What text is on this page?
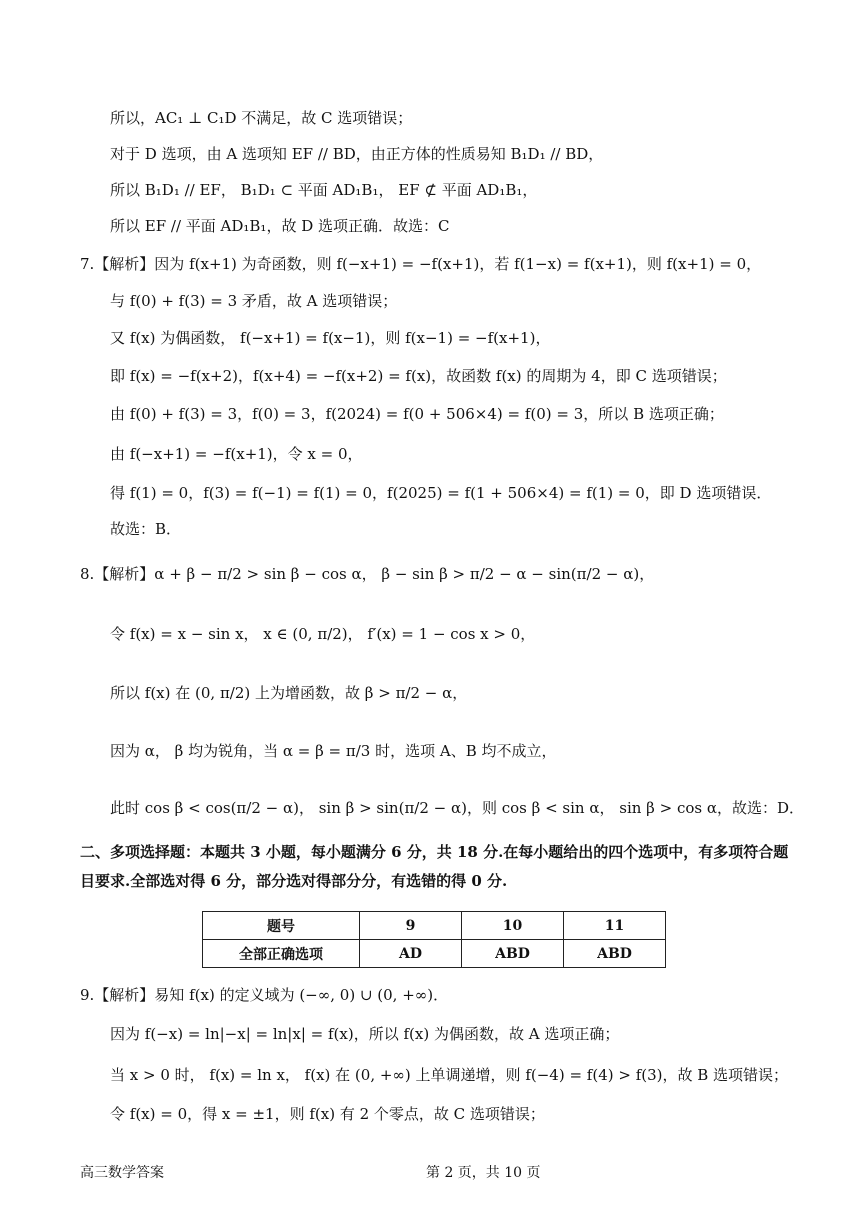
所以，AC₁ ⊥ C₁D 不满足，故 C 选项错误；
对于 D 选项，由 A 选项知 EF // BD，由正方体的性质易知 B₁D₁ // BD，
所以 B₁D₁ // EF， B₁D₁ ⊂ 平面 AD₁B₁， EF ⊄ 平面 AD₁B₁，
所以 EF // 平面 AD₁B₁，故 D 选项正确．故选：C
7.【解析】因为 f(x+1) 为奇函数，则 f(−x+1) = −f(x+1)，若 f(1−x) = f(x+1)，则 f(x+1) = 0，
与 f(0) + f(3) = 3 矛盾，故 A 选项错误；
又 f(x) 为偶函数， f(−x+1) = f(x−1)，则 f(x−1) = −f(x+1)，
即 f(x) = −f(x+2)，f(x+4) = −f(x+2) = f(x)，故函数 f(x) 的周期为 4，即 C 选项错误；
由 f(0) + f(3) = 3，f(0) = 3，f(2024) = f(0 + 506×4) = f(0) = 3，所以 B 选项正确；
由 f(−x+1) = −f(x+1)，令 x = 0，
得 f(1) = 0，f(3) = f(−1) = f(1) = 0，f(2025) = f(1 + 506×4) = f(1) = 0，即 D 选项错误．
故选：B．
8.【解析】α + β − π/2 > sin β − cos α， β − sin β > π/2 − α − sin(π/2 − α)，
令 f(x) = x − sin x， x ∈ (0, π/2)， f′(x) = 1 − cos x > 0，
所以 f(x) 在 (0, π/2) 上为增函数，故 β > π/2 − α，
因为 α， β 均为锐角，当 α = β = π/3 时，选项 A、B 均不成立，
此时 cos β < cos(π/2 − α)， sin β > sin(π/2 − α)，则 cos β < sin α， sin β > cos α，故选：D．
二、多项选择题：本题共 3 小题，每小题满分 6 分，共 18 分.在每小题给出的四个选项中，有多项符合题
目要求.全部选对得 6 分，部分选对得部分分，有选错的得 0 分.
题号	9	10	11
全部正确选项	AD	ABD	ABD
9.【解析】易知 f(x) 的定义域为 (−∞, 0) ∪ (0, +∞)．
因为 f(−x) = ln|−x| = ln|x| = f(x)，所以 f(x) 为偶函数，故 A 选项正确；
当 x > 0 时， f(x) = ln x， f(x) 在 (0, +∞) 上单调递增，则 f(−4) = f(4) > f(3)，故 B 选项错误；
令 f(x) = 0，得 x = ±1，则 f(x) 有 2 个零点，故 C 选项错误；
高三数学答案	第 2 页，共 10 页
